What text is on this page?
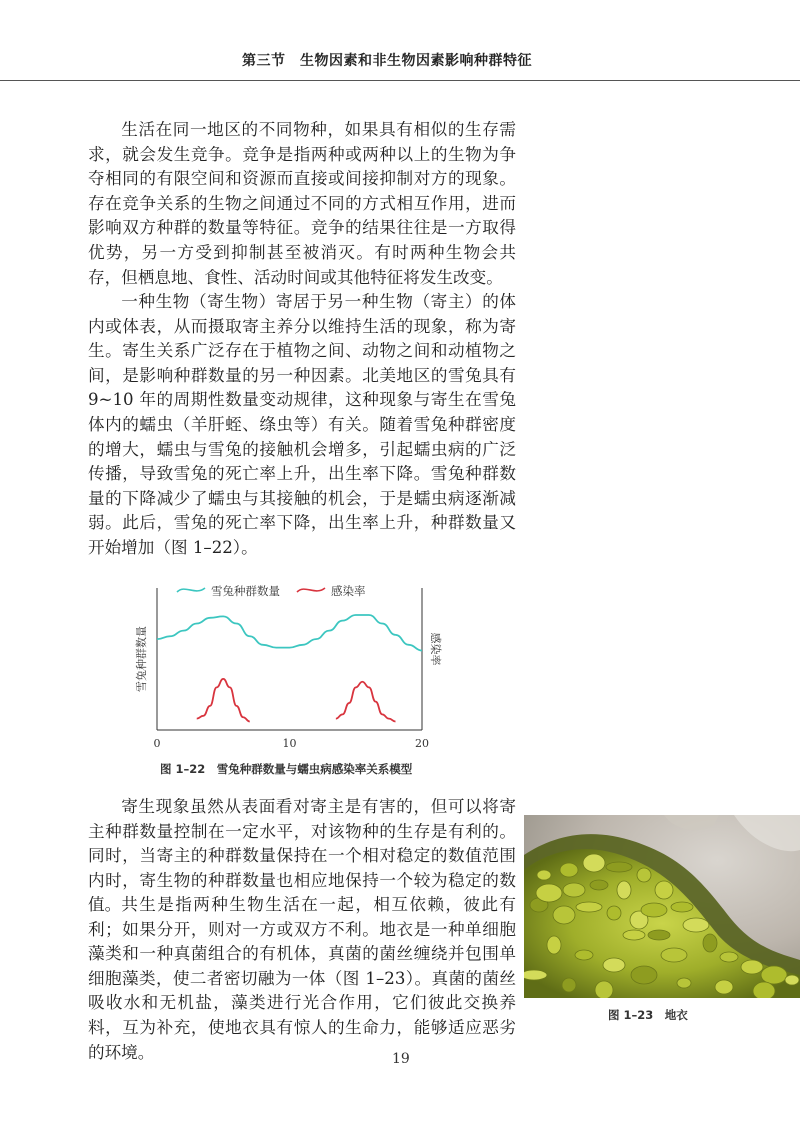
第三节　生物因素和非生物因素影响种群特征

生活在同一地区的不同物种，如果具有相似的生存需求，就会发生竞争。竞争是指两种或两种以上的生物为争夺相同的有限空间和资源而直接或间接抑制对方的现象。存在竞争关系的生物之间通过不同的方式相互作用，进而影响双方种群的数量等特征。竞争的结果往往是一方取得优势，另一方受到抑制甚至被消灭。有时两种生物会共存，但栖息地、食性、活动时间或其他特征将发生改变。

一种生物（寄生物）寄居于另一种生物（寄主）的体内或体表，从而摄取寄主养分以维持生活的现象，称为寄生。寄生关系广泛存在于植物之间、动物之间和动植物之间，是影响种群数量的另一种因素。北美地区的雪兔具有 9~10 年的周期性数量变动规律，这种现象与寄生在雪兔体内的蠕虫（羊肝蛭、绦虫等）有关。随着雪兔种群密度的增大，蠕虫与雪兔的接触机会增多，引起蠕虫病的广泛传播，导致雪兔的死亡率上升，出生率下降。雪兔种群数量的下降减少了蠕虫与其接触的机会，于是蠕虫病逐渐减弱。此后，雪兔的死亡率下降，出生率上升，种群数量又开始增加（图 1–22）。

雪兔种群数量	感染率
雪兔种群数量	感染率
0	10	20
图 1–22　雪兔种群数量与蠕虫病感染率关系模型

寄生现象虽然从表面看对寄主是有害的，但可以将寄主种群数量控制在一定水平，对该物种的生存是有利的。同时，当寄主的种群数量保持在一个相对稳定的数值范围内时，寄生物的种群数量也相应地保持一个较为稳定的数值。 共生是指两种生物生活在一起，相互依赖，彼此有利；如果分开，则对一方或双方不利。地衣是一种单细胞藻类和一种真菌组合的有机体，真菌的菌丝缠绕并包围单细胞藻类，使二者密切融为一体（图 1–23）。真菌的菌丝吸收水和无机盐，藻类进行光合作用，它们彼此交换养料，互为补充，使地衣具有惊人的生命力，能够适应恶劣的环境。

图 1–23　地衣
19
